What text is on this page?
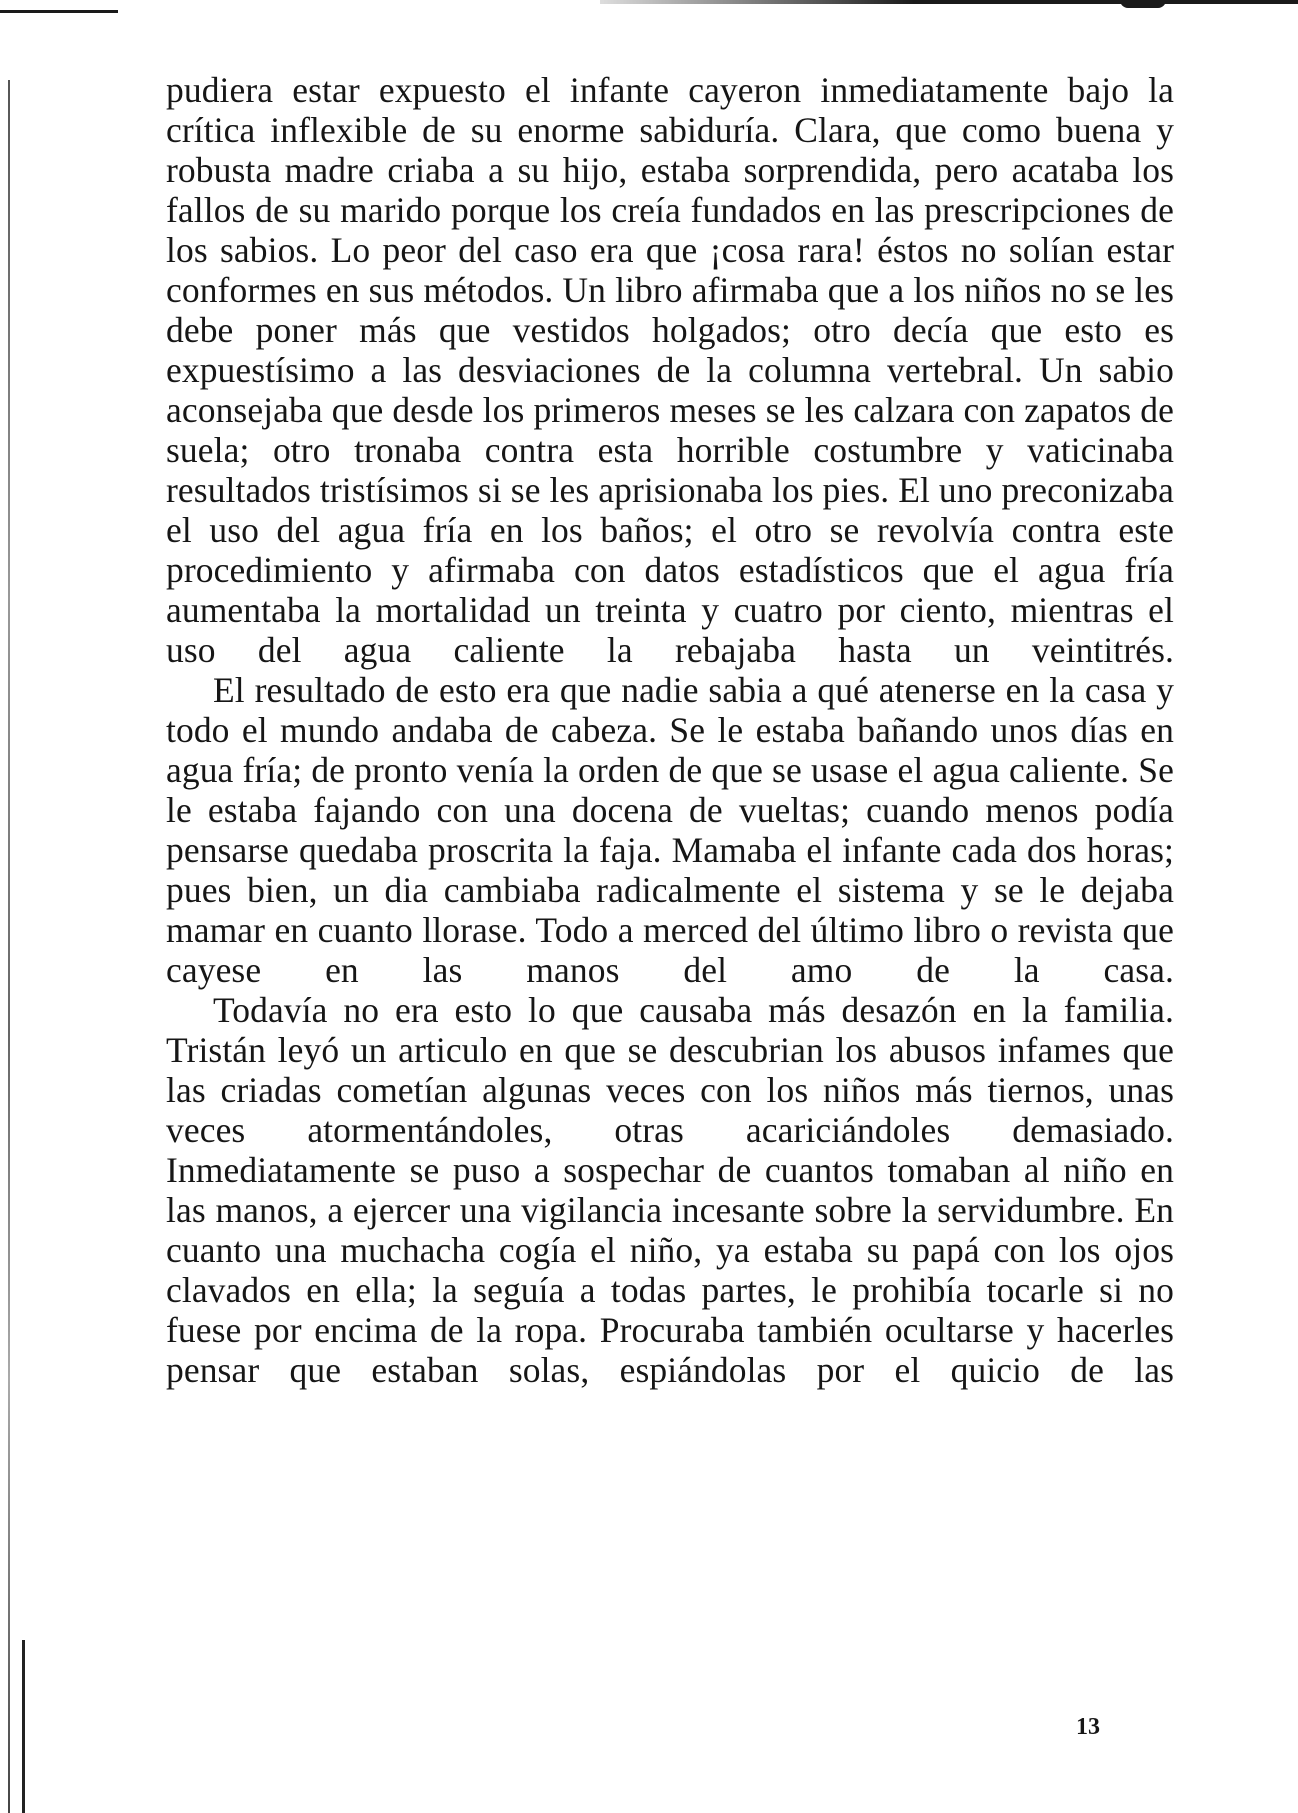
pudiera estar expuesto el infante cayeron inmediatamente bajo la crítica inflexible de su enorme sabiduría. Clara, que como buena y robusta madre criaba a su hijo, estaba sorprendida, pero acataba los fallos de su marido porque los creía fundados en las prescripciones de los sabios. Lo peor del caso era que ¡cosa rara! éstos no solían estar conformes en sus métodos. Un libro afirmaba que a los niños no se les debe poner más que vestidos holgados; otro decía que esto es expuestísimo a las desviaciones de la columna vertebral. Un sabio aconsejaba que desde los primeros meses se les calzara con zapatos de suela; otro tronaba contra esta horrible costumbre y vaticinaba resultados tristísimos si se les aprisionaba los pies. El uno preconizaba el uso del agua fría en los baños; el otro se revolvía contra este procedimiento y afirmaba con datos estadísticos que el agua fría aumentaba la mortalidad un treinta y cuatro por ciento, mientras el uso del agua caliente la rebajaba hasta un veintitrés.

El resultado de esto era que nadie sabia a qué atenerse en la casa y todo el mundo andaba de cabeza. Se le estaba bañando unos días en agua fría; de pronto venía la orden de que se usase el agua caliente. Se le estaba fajando con una docena de vueltas; cuando menos podía pensarse quedaba proscrita la faja. Mamaba el infante cada dos horas; pues bien, un dia cambiaba radicalmente el sistema y se le dejaba mamar en cuanto llorase. Todo a merced del último libro o revista que cayese en las manos del amo de la casa.

Todavía no era esto lo que causaba más desazón en la familia. Tristán leyó un articulo en que se descubrian los abusos infames que las criadas cometían algunas veces con los niños más tiernos, unas veces atormentándoles, otras acariciándoles demasiado. Inmediatamente se puso a sospechar de cuantos tomaban al niño en las manos, a ejercer una vigilancia incesante sobre la servidumbre. En cuanto una muchacha cogía el niño, ya estaba su papá con los ojos clavados en ella; la seguía a todas partes, le prohibía tocarle si no fuese por encima de la ropa. Procuraba también ocultarse y hacerles pensar que estaban solas, espiándolas por el quicio de las

13
